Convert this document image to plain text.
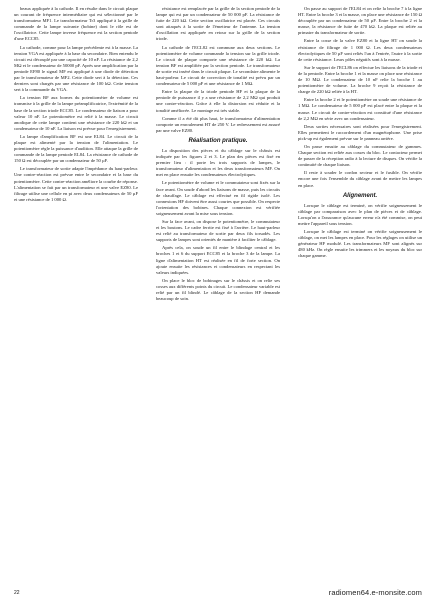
beaux appliquée à la cathode. Il en résulte dans le circuit plaque un courant de fréquence intermédiaire qui est sélectionné par le transformateur MF1. Le transformateur Tr3 appliqué à la grille de commande de la lampe suivante (bobine) dont le rôle est de l'oscillatrice. Cette lampe inverse fréquence est la section pentode d'une ECC85.

La cathode, comme pour la lampe précédente est à la masse. La tension VGA est appliquée à la base du secondaire. Bien entendu le circuit est découplé par une capacité de 10 nF. La résistance de 2,2 MΩ et le condensateur de 50000 pF. Après une amplification par la pentode EF80 le signal MF est appliqué à une diode de détection par le transformateur de MF2. Cette diode sert à la détection. Ces derniers sont chargés par une résistance de 100 kΩ. Cette tension sert à la commande du VGA.

La tension BF aux bornes du potentiomètre de volume est transmise à la grille de la lampe préamplificatrice, l'extrémité de la base de la section triode ECC85. Le condensateur de liaison a pour valeur 10 nF. Le potentiomètre est relié à la masse. Le circuit anodique de cette lampe contient une résistance de 220 kΩ et un condensateur de 10 nF. La liaison est prévue pour l'enregistrement.

La lampe d'amplification BF est une EL84. Le circuit de la plaque est alimenté par la tension de l'alimentation. Le potentiomètre règle la puissance d'audition. Elle attaque la grille de commande de la lampe pentode EL84. La résistance de cathode de 150 Ω est découplée par un condensateur de 50 µF.

Le transformateur de sortie adapte l'impédance du haut-parleur. Une contre-réaction est prévue entre le secondaire et la base du potentiomètre. Cette contre-réaction améliore la courbe de réponse. L'alimentation se fait par un transformateur et une valve EZ80. Le filtrage utilise une cellule en pi avec deux condensateurs de 50 µF et une résistance de 1 000 Ω.

résistance est remplacée par la grille de la section pentode de la lampe qui est par un condensateur de 50 000 pF. La résistance de fuite de 220 kΩ. Cette section oscillatrice est placée. Ces circuits sont attaqués à la sortie de l'émetteur de l'antenne. La tension d'oscillation est appliquée en retour sur la grille de la section triode.

La cathode de l'ECL82 est commune aux deux sections. Le potentiomètre de volume commande la tension sur la grille triode. Le circuit de plaque comporte une résistance de 220 kΩ. La tension BF est amplifiée par la section pentode. Le transformateur de sortie est inséré dans le circuit plaque. Le secondaire alimente le haut-parleur. Le circuit de correction de tonalité est prévu par un condensateur de 5 000 pF et une résistance de 1 MΩ.

Entre la plaque de la triode pentode HF et la plaque de la pentode de puissance il y a une résistance de 2,2 MΩ qui produit une contre-réaction. Grâce à elle la distorsion est réduite et la tonalité améliorée. Le montage est très stable.

Comme il a été dit plus haut, le transformateur d'alimentation comporte un enroulement HT de 250 V. Le redressement est assuré par une valve EZ80.

Réalisation pratique.

La disposition des pièces et du câblage sur le châssis est indiquée par les figures 2 et 3. Le plan des pièces est fixé en premier lieu : il porte les trois supports de lampes, le transformateur d'alimentation et les deux transformateurs MF. On met en place ensuite les condensateurs électrolytiques.

Le potentiomètre de volume et le commutateur sont fixés sur la face avant. On soude d'abord les liaisons de masse, puis les circuits de chauffage. Le câblage est effectué en fil rigide isolé. Les connexions HF doivent être aussi courtes que possible. On respecte l'orientation des bobines. Chaque connexion est vérifiée soigneusement avant la mise sous tension.

Sur la face avant, on dispose le potentiomètre, le commutateur et les boutons. Le cadre ferrite est fixé à l'arrière. Le haut-parleur est relié au transformateur de sortie par deux fils torsadés. Les supports de lampes sont orientés de manière à faciliter le câblage.

Après cela, on soude un fil entre le blindage central et les broches 1 et 6 du support ECC85 et la broche 3 de la lampe. La ligne d'alimentation HT est réalisée en fil de forte section. On ajoute ensuite les résistances et condensateurs en respectant les valeurs indiquées.

On place le bloc de bobinages sur le châssis et on relie ses cosses aux différents points du circuit. Le condensateur variable est relié par un fil blindé. Le câblage de la section HF demande beaucoup de soin.

On passe au support de l'EL84 et on relie la broche 7 à la ligne HT. Entre la broche 3 et la masse, on place une résistance de 150 Ω découplée par un condensateur de 50 µF. Entre la broche 2 et la masse, la résistance de fuite de 470 kΩ. La plaque est reliée au primaire du transformateur de sortie.

Entre la cosse de la valve EZ80 et la ligne HT on soude la résistance de filtrage de 1 000 Ω. Les deux condensateurs électrolytiques de 50 µF sont reliés l'un à l'entrée, l'autre à la sortie de cette résistance. Leurs pôles négatifs sont à la masse.

Sur le support de l'ECL86 on effectue les liaisons de la triode et de la pentode. Entre la broche 1 et la masse on place une résistance de 10 MΩ. Le condensateur de 10 nF relie la broche 1 au potentiomètre de volume. La broche 9 reçoit la résistance de charge de 220 kΩ reliée à la HT.

Entre la broche 2 et le potentiomètre on soude une résistance de 1 MΩ. Le condensateur de 5 000 pF est placé entre la plaque et la masse. Le circuit de contre-réaction est constitué d'une résistance de 2,2 MΩ en série avec un condensateur.

Deux sorties nécessaires sont réalisées pour l'enregistrement. Elles permettent le raccordement d'un magnétophone. Une prise pick-up est également prévue sur le panneau arrière.

On passe ensuite au câblage du commutateur de gammes. Chaque section est reliée aux cosses du bloc. Le contacteur permet de passer de la réception radio à la lecture de disques. On vérifie la continuité de chaque liaison.

Il reste à souder le cordon secteur et le fusible. On vérifie encore une fois l'ensemble du câblage avant de mettre les lampes en place.

Alignement.

Lorsque le câblage est terminé, on vérifie soigneusement le câblage par comparaison avec le plan de pièces et de câblage. Lorsqu'on a l'assurance qu'aucune erreur n'a été commise, on peut mettre l'appareil sous tension.

Lorsque le câblage est terminé on vérifie soigneusement le câblage, on met les lampes en place. Pour les réglages on utilise un générateur HF modulé. Les transformateurs MF sont alignés sur 480 kHz. On règle ensuite les trimmers et les noyaux du bloc sur chaque gamme.

22	radiomen64.e-monsite.com
